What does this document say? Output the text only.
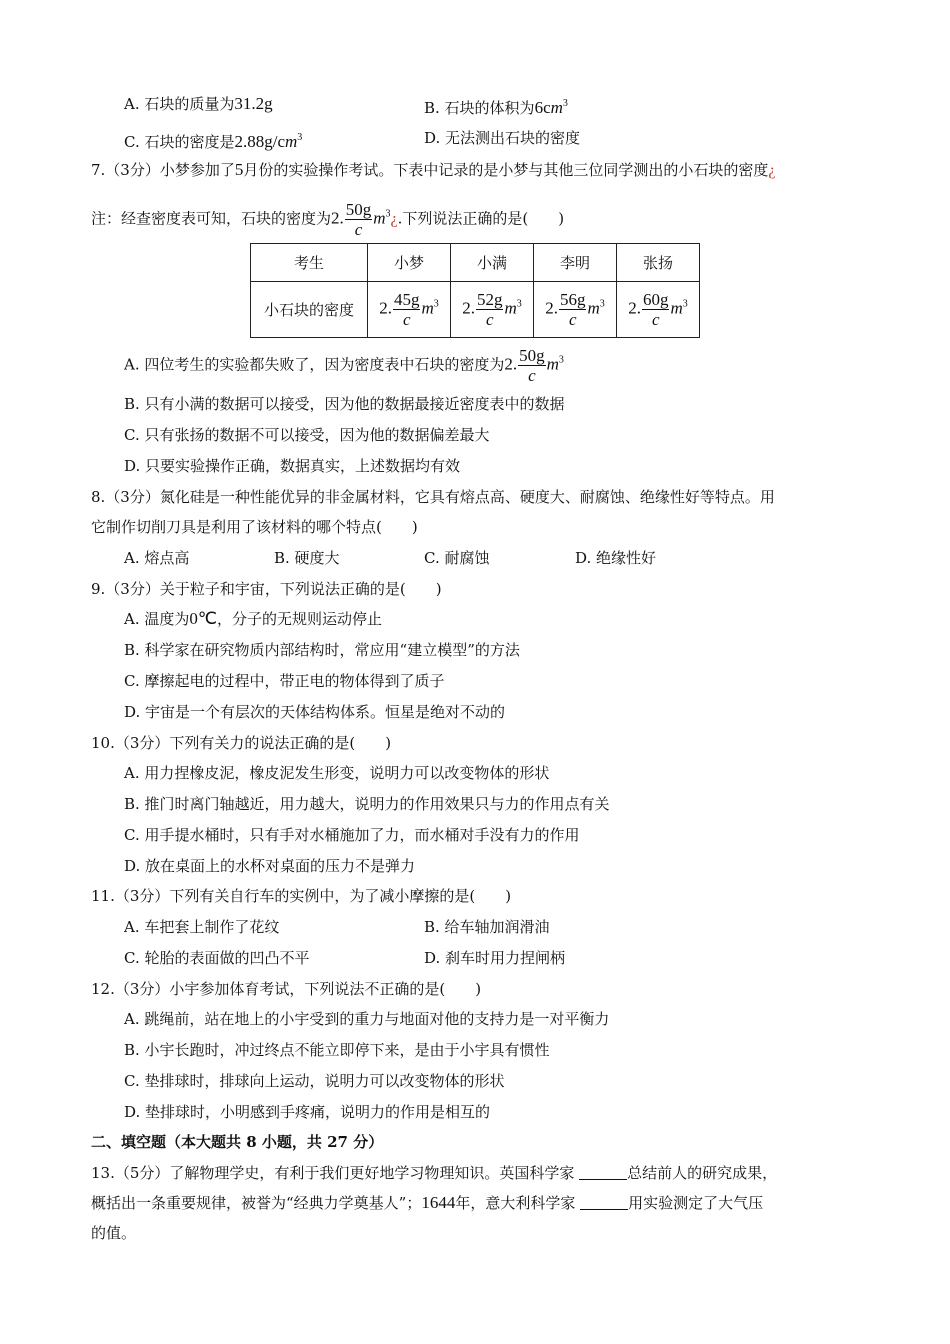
A. 石块的质量为31.2g	B. 石块的体积为$6cm^3$
C. 石块的密度是$2.88g/cm^3$	D. 无法测出石块的密度
7.（3分）小梦参加了5月份的实验操作考试。下表中记录的是小梦与其他三位同学测出的小石块的密度¿
注：经查密度表可知，石块的密度为2. $\frac{50g}{c}$ $m^3¿$.下列说法正确的是(　　)
考生	小梦	小满	李明	张扬
小石块的密度	2. $\frac{45g}{c} m^3$	2. $\frac{52g}{c} m^3$	2. $\frac{56g}{c} m^3$	2. $\frac{60g}{c} m^3$
A. 四位考生的实验都失败了，因为密度表中石块的密度为2. $\frac{50g}{c} m^3$
B. 只有小满的数据可以接受，因为他的数据最接近密度表中的数据
C. 只有张扬的数据不可以接受，因为他的数据偏差最大
D. 只要实验操作正确，数据真实，上述数据均有效
8.（3分）氮化硅是一种性能优异的非金属材料，它具有熔点高、硬度大、耐腐蚀、绝缘性好等特点。用
它制作切削刀具是利用了该材料的哪个特点(　　)
A. 熔点高	B. 硬度大	C. 耐腐蚀	D. 绝缘性好
9.（3分）关于粒子和宇宙，下列说法正确的是(　　)
A. 温度为0℃，分子的无规则运动停止
B. 科学家在研究物质内部结构时，常应用“建立模型”的方法
C. 摩擦起电的过程中，带正电的物体得到了质子
D. 宇宙是一个有层次的天体结构体系。恒星是绝对不动的
10.（3分）下列有关力的说法正确的是(　　)
A. 用力捏橡皮泥，橡皮泥发生形变，说明力可以改变物体的形状
B. 推门时离门轴越近，用力越大，说明力的作用效果只与力的作用点有关
C. 用手提水桶时，只有手对水桶施加了力，而水桶对手没有力的作用
D. 放在桌面上的水杯对桌面的压力不是弹力
11.（3分）下列有关自行车的实例中，为了减小摩擦的是(　　)
A. 车把套上制作了花纹	B. 给车轴加润滑油
C. 轮胎的表面做的凹凸不平	D. 刹车时用力捏闸柄
12.（3分）小宇参加体育考试，下列说法不正确的是(　　)
A. 跳绳前，站在地上的小宇受到的重力与地面对他的支持力是一对平衡力
B. 小宇长跑时，冲过终点不能立即停下来，是由于小宇具有惯性
C. 垫排球时，排球向上运动，说明力可以改变物体的形状
D. 垫排球时，小明感到手疼痛，说明力的作用是相互的
二、填空题（本大题共 8 小题，共 27 分）
13.（5分）了解物理学史，有利于我们更好地学习物理知识。英国科学家	总结前人的研究成果，
概括出一条重要规律，被誉为“经典力学奠基人”；1644年，意大利科学家	用实验测定了大气压
的值。
